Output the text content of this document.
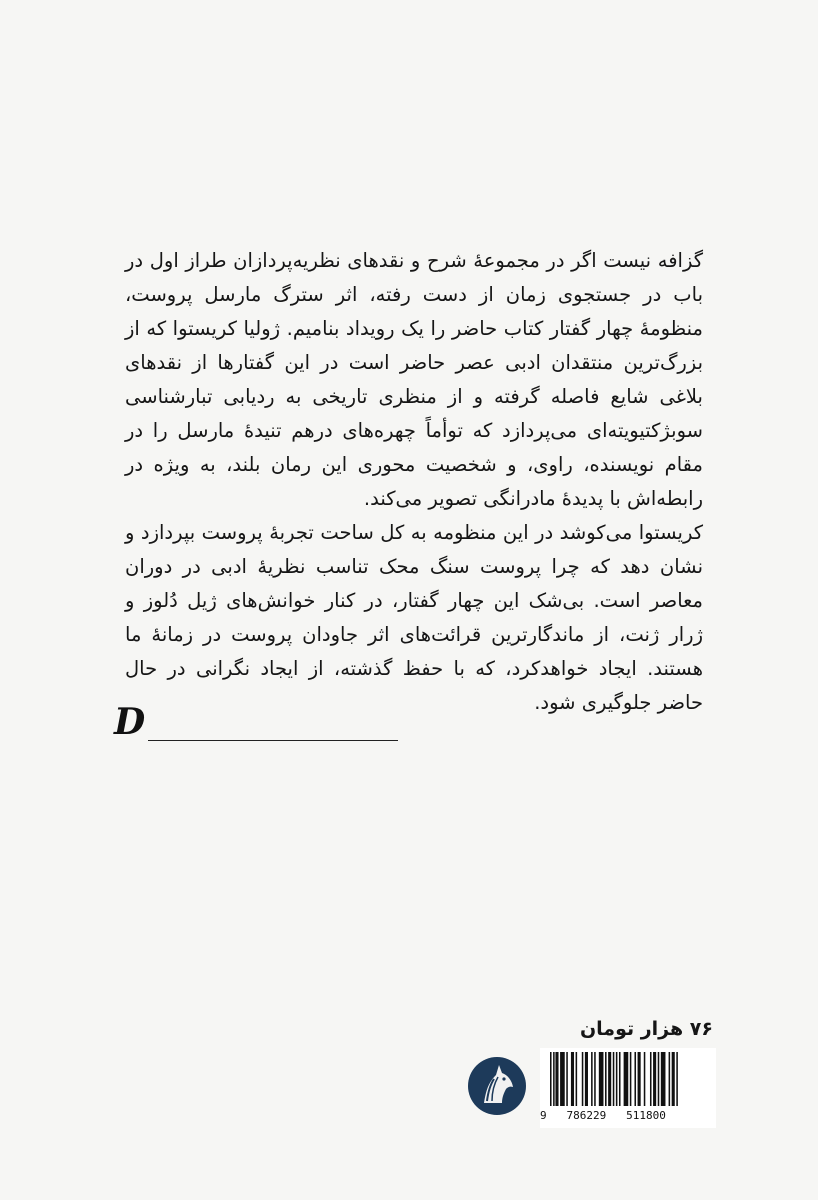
گزافه نیست اگر در مجموعهٔ شرح و نقدهای نظریه‌پردازان طراز اول در باب در جستجوی زمان از دست رفته، اثر سترگ مارسل پروست، منظومهٔ چهار گفتار کتاب حاضر را یک رویداد بنامیم. ژولیا کریستوا که از بزرگ‌ترین منتقدان ادبی عصر حاضر است در این گفتارها از نقدهای بلاغی شایع فاصله گرفته و از منظری تاریخی به ردیابی تبارشناسی سوبژکتیویته‌ای می‌پردازد که توأماً چهره‌های درهم تنیدهٔ مارسل را در مقام نویسنده، راوی، و شخصیت محوری این رمان بلند، به ویژه در رابطه‌اش با پدیدهٔ مادرانگی تصویر می‌کند.

کریستوا می‌کوشد در این منظومه به کل ساحت تجربهٔ پروست بپردازد و نشان دهد که چرا پروست سنگ محک تناسب نظریهٔ ادبی در دوران معاصر است. بی‌شک این چهار گفتار، در کنار خوانش‌های ژیل دُلوز و ژرار ژنت، از ماندگارترین قرائت‌های اثر جاودان پروست در زمانهٔ ما هستند. ایجاد خواهدکرد، که با حفظ گذشته، از ایجاد نگرانی در حال حاضر جلوگیری شود.

D
۷۶ هزار تومان
9   786229   511800
